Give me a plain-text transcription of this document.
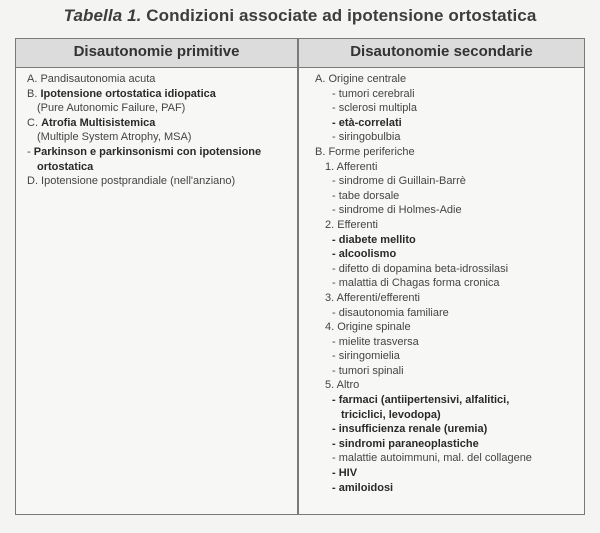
Tabella 1. Condizioni associate ad ipotensione ortostatica
Disautonomie primitive	Disautonomie secondarie
A. Pandisautonomia acuta
B. Ipotensione ortostatica idiopatica
(Pure Autonomic Failure, PAF)
C. Atrofia Multisistemica
(Multiple System Atrophy, MSA)
- Parkinson e parkinsonismi con ipotensione
ortostatica
D. Ipotensione postprandiale (nell'anziano)
A. Origine centrale
- tumori cerebrali
- sclerosi multipla
- età-correlati
- siringobulbia
B. Forme periferiche
1. Afferenti
- sindrome di Guillain-Barrè
- tabe dorsale
- sindrome di Holmes-Adie
2. Efferenti
- diabete mellito
- alcoolismo
- difetto di dopamina beta-idrossilasi
- malattia di Chagas forma cronica
3. Afferenti/efferenti
- disautonomia familiare
4. Origine spinale
- mielite trasversa
- siringomielia
- tumori spinali
5. Altro
- farmaci (antiipertensivi, alfalitici,
triciclici, levodopa)
- insufficienza renale (uremia)
- sindromi paraneoplastiche
- malattie autoimmuni, mal. del collagene
- HIV
- amiloidosi
